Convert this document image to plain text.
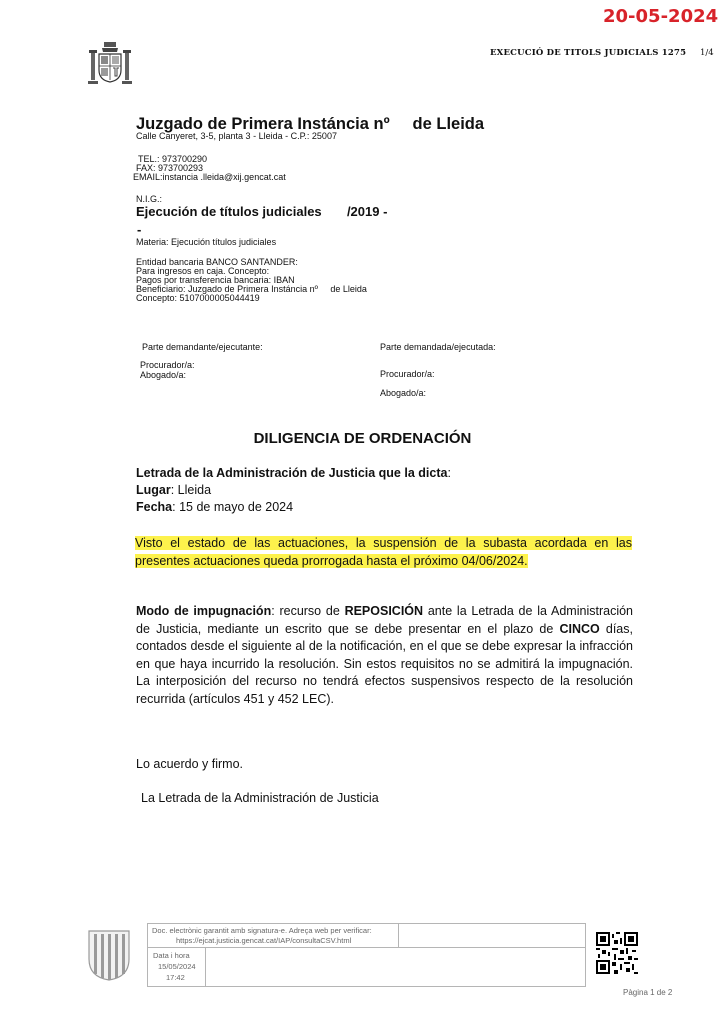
20-05-2024
EXECUCIÓ DE TITOLS JUDICIALS 1275 1/4
Juzgado de Primera Instáncia nº de Lleida
Calle Canyeret, 3-5, planta 3 - Lleida - C.P.: 25007
TEL.: 973700290
FAX: 973700293
EMAIL:instancia .lleida@xij.gencat.cat
N.I.G.:
Ejecución de títulos judiciales       /2019 -
-
Materia: Ejecución títulos judiciales
Entidad bancaria BANCO SANTANDER:
Para ingresos en caja. Concepto:
Pagos por transferencia bancaria: IBAN
Beneficiario: Juzgado de Primera Instáncia nº     de Lleida
Concepto: 5107000005044419
Parte demandante/ejecutante:
Procurador/a:
Abogado/a:
Parte demandada/ejecutada:
Procurador/a:
Abogado/a:
DILIGENCIA DE ORDENACIÓN
Letrada de la Administración de Justicia que la dicta:
Lugar: Lleida
Fecha: 15 de mayo de 2024
Visto el estado de las actuaciones, la suspensión de la subasta acordada en las presentes actuaciones queda prorrogada hasta el próximo 04/06/2024.
Modo de impugnación: recurso de REPOSICIÓN ante la Letrada de la Administración de Justicia, mediante un escrito que se debe presentar en el plazo de CINCO días, contados desde el siguiente al de la notificación, en el que se debe expresar la infracción en que haya incurrido la resolución. Sin estos requisitos no se admitirá la impugnación. La interposición del recurso no tendrá efectos suspensivos respecto de la resolución recurrida (artículos 451 y 452 LEC).
Lo acuerdo y firmo.
La Letrada de la Administración de Justicia
Doc. electrònic garantit amb signatura-e. Adreça web per verificar:
https://ejcat.justicia.gencat.cat/IAP/consultaCSV.html
Data i hora
15/05/2024
17:42
Pàgina 1 de 2
